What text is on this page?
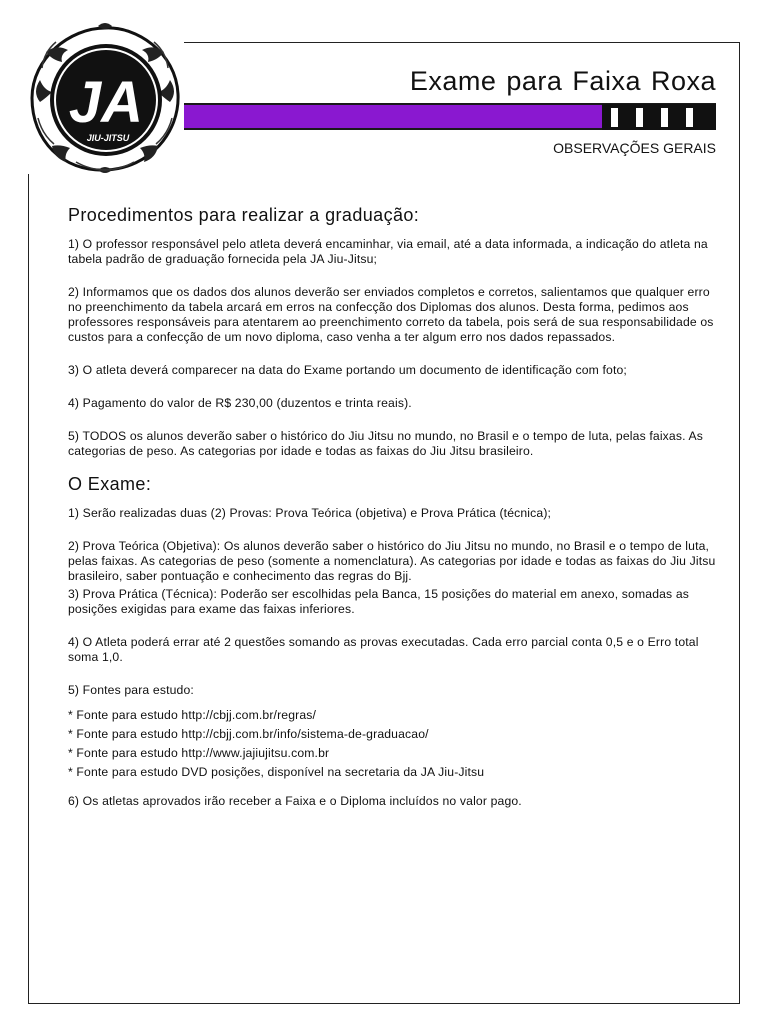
JA
JIU-JITSU
Exame para Faixa Roxa
OBSERVAÇÕES GERAIS
Procedimentos para realizar a graduação:

1) O professor responsável pelo atleta deverá encaminhar, via email, até a data informada, a indicação do atleta na tabela padrão de graduação fornecida pela JA Jiu-Jitsu;

2) Informamos que os dados dos alunos deverão ser enviados completos e corretos, salientamos que qualquer erro no preenchimento da tabela arcará em erros na confecção dos Diplomas dos alunos. Desta forma, pedimos aos professores responsáveis para atentarem ao preenchimento correto da tabela, pois será de sua responsabilidade os custos para a confecção de um novo diploma, caso venha a ter algum erro nos dados repassados.

3) O atleta deverá comparecer na data do Exame portando um documento de identificação com foto;

4) Pagamento do valor de R$ 230,00 (duzentos e trinta reais).

5) TODOS os alunos deverão saber o histórico do Jiu Jitsu no mundo, no Brasil e o tempo de luta, pelas faixas. As categorias de peso. As categorias por idade e todas as faixas do Jiu Jitsu brasileiro.

O Exame:

1) Serão realizadas duas (2) Provas: Prova Teórica (objetiva) e Prova Prática (técnica);

2) Prova Teórica (Objetiva): Os alunos deverão saber o histórico do Jiu Jitsu no mundo, no Brasil e o tempo de luta, pelas faixas. As categorias de peso (somente a nomenclatura). As categorias por idade e todas as faixas do Jiu Jitsu brasileiro, saber pontuação e conhecimento das regras do Bjj.

3) Prova Prática (Técnica): Poderão ser escolhidas pela Banca, 15 posições do material em anexo, somadas as posições exigidas para exame das faixas inferiores.

4) O Atleta poderá errar até 2 questões somando as provas executadas. Cada erro parcial conta 0,5 e o Erro total soma 1,0.

5) Fontes para estudo:

* Fonte para estudo http://cbjj.com.br/regras/
* Fonte para estudo http://cbjj.com.br/info/sistema-de-graduacao/
* Fonte para estudo http://www.jajiujitsu.com.br
* Fonte para estudo DVD posições, disponível na secretaria da JA Jiu-Jitsu

6) Os atletas aprovados irão receber a Faixa e o Diploma incluídos no valor pago.
